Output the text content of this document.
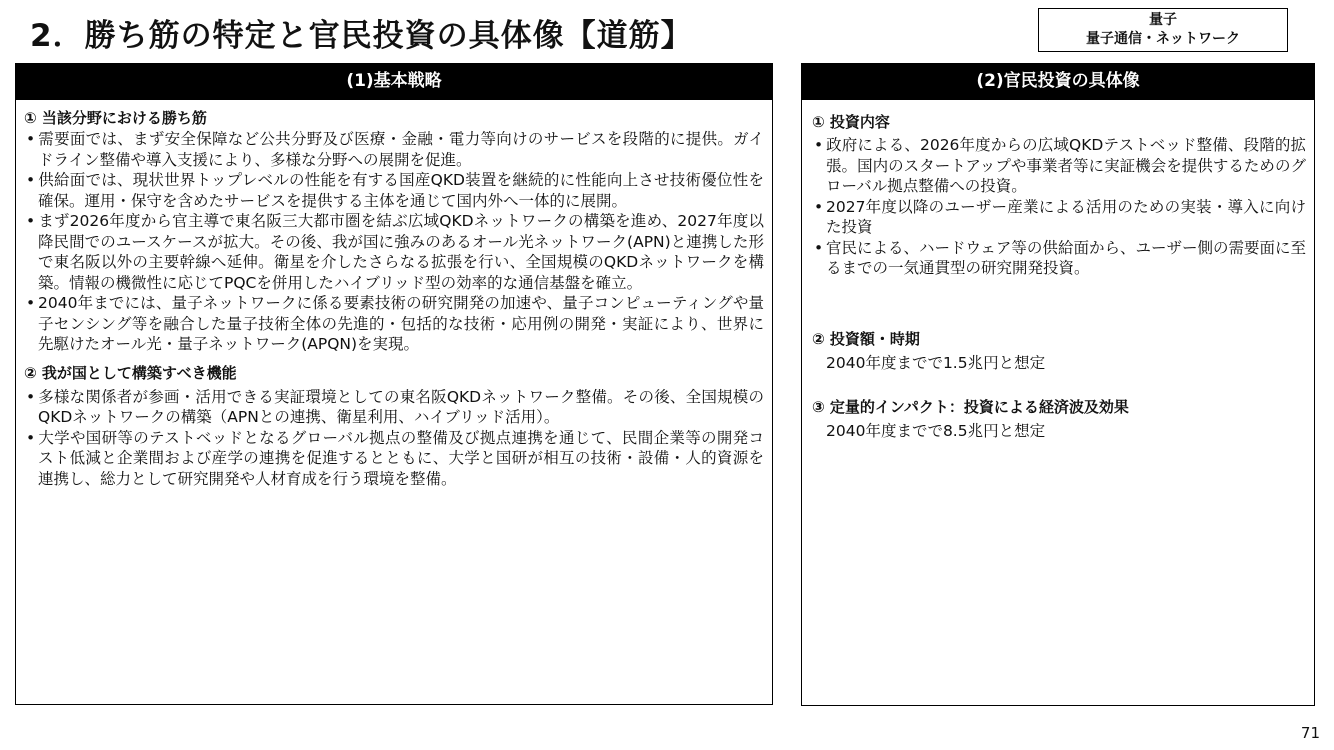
2．勝ち筋の特定と官民投資の具体像【道筋】	量子
量子通信・ネットワーク
(1)基本戦略
① 当該分野における勝ち筋
• 需要面では、まず安全保障など公共分野及び医療・金融・電力等向けのサービスを段階的に提供。ガイドライン整備や導入支援により、多様な分野への展開を促進。
• 供給面では、現状世界トップレベルの性能を有する国産QKD装置を継続的に性能向上させ技術優位性を確保。運用・保守を含めたサービスを提供する主体を通じて国内外へ一体的に展開。
• まず2026年度から官主導で東名阪三大都市圏を結ぶ広域QKDネットワークの構築を進め、2027年度以降民間でのユースケースが拡大。その後、我が国に強みのあるオール光ネットワーク(APN)と連携した形で東名阪以外の主要幹線へ延伸。衛星を介したさらなる拡張を行い、全国規模のQKDネットワークを構築。情報の機微性に応じてPQCを併用したハイブリッド型の効率的な通信基盤を確立。
• 2040年までには、量子ネットワークに係る要素技術の研究開発の加速や、量子コンピューティングや量子センシング等を融合した量子技術全体の先進的・包括的な技術・応用例の開発・実証により、世界に先駆けたオール光・量子ネットワーク(APQN)を実現。
② 我が国として構築すべき機能
• 多様な関係者が参画・活用できる実証環境としての東名阪QKDネットワーク整備。その後、全国規模のQKDネットワークの構築（APNとの連携、衛星利用、ハイブリッド活用）。
• 大学や国研等のテストベッドとなるグローバル拠点の整備及び拠点連携を通じて、民間企業等の開発コスト低減と企業間および産学の連携を促進するとともに、大学と国研が相互の技術・設備・人的資源を連携し、総力として研究開発や人材育成を行う環境を整備。
(2)官民投資の具体像
① 投資内容
• 政府による、2026年度からの広域QKDテストベッド整備、段階的拡張。国内のスタートアップや事業者等に実証機会を提供するためのグローバル拠点整備への投資。
• 2027年度以降のユーザー産業による活用のための実装・導入に向けた投資
• 官民による、ハードウェア等の供給面から、ユーザー側の需要面に至るまでの一気通貫型の研究開発投資。
② 投資額・時期
2040年度までで1.5兆円と想定
③ 定量的インパクト：投資による経済波及効果
2040年度までで8.5兆円と想定
71
